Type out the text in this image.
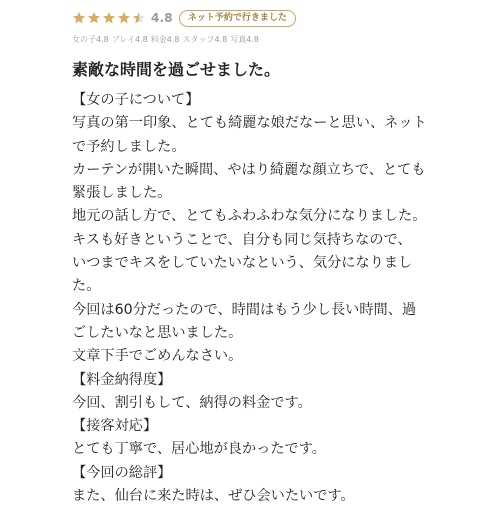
4.8	ネット予約で行きました
女の子4.8 プレイ4.8 料金4.8 スタッフ4.8 写真4.8
素敵な時間を過ごせました。

【女の子について】

写真の第一印象、とても綺麗な娘だなーと思い、ネット

で予約しました。

カーテンが開いた瞬間、やはり綺麗な顔立ちで、とても

緊張しました。

地元の話し方で、とてもふわふわな気分になりました。

キスも好きということで、自分も同じ気持ちなので、

いつまでキスをしていたいなという、気分になりまし

た。

今回は60分だったので、時間はもう少し長い時間、過

ごしたいなと思いました。

文章下手でごめんなさい。

【料金納得度】

今回、割引もして、納得の料金です。

【接客対応】

とても丁寧で、居心地が良かったです。

【今回の総評】

また、仙台に来た時は、ぜひ会いたいです。
